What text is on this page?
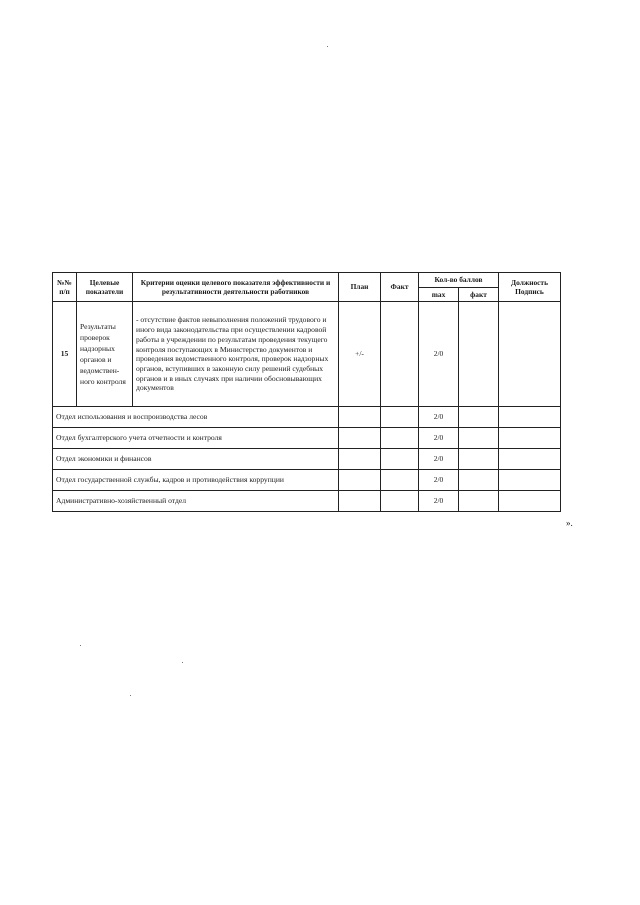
№№ п/п	Целевые показатели	Критерии оценки целевого показателя эффективности и результативности деятельности работников	План	Факт	Кол-во баллов		Должность Подпись
					max	факт	
15	Результаты проверок надзорных органов и ведомствен-ного контроля	- отсутствие фактов невыполнения положений трудового и иного вида законодательства при осуществлении кадровой работы в учреждении по результатам проведения текущего контроля поступающих в Министерство документов и проведения ведомственного контроля, проверок надзорных органов, вступивших в законную силу решений судебных органов и в иных случаях при наличии обосновывающих документов	+/-		2/0		
Отдел использования и воспроизводства лесов					2/0		
Отдел бухгалтерского учета отчетности и контроля					2/0		
Отдел экономики и финансов					2/0		
Отдел государственной службы, кадров и противодействия коррупции					2/0		
Административно-хозяйственный отдел					2/0		
».
